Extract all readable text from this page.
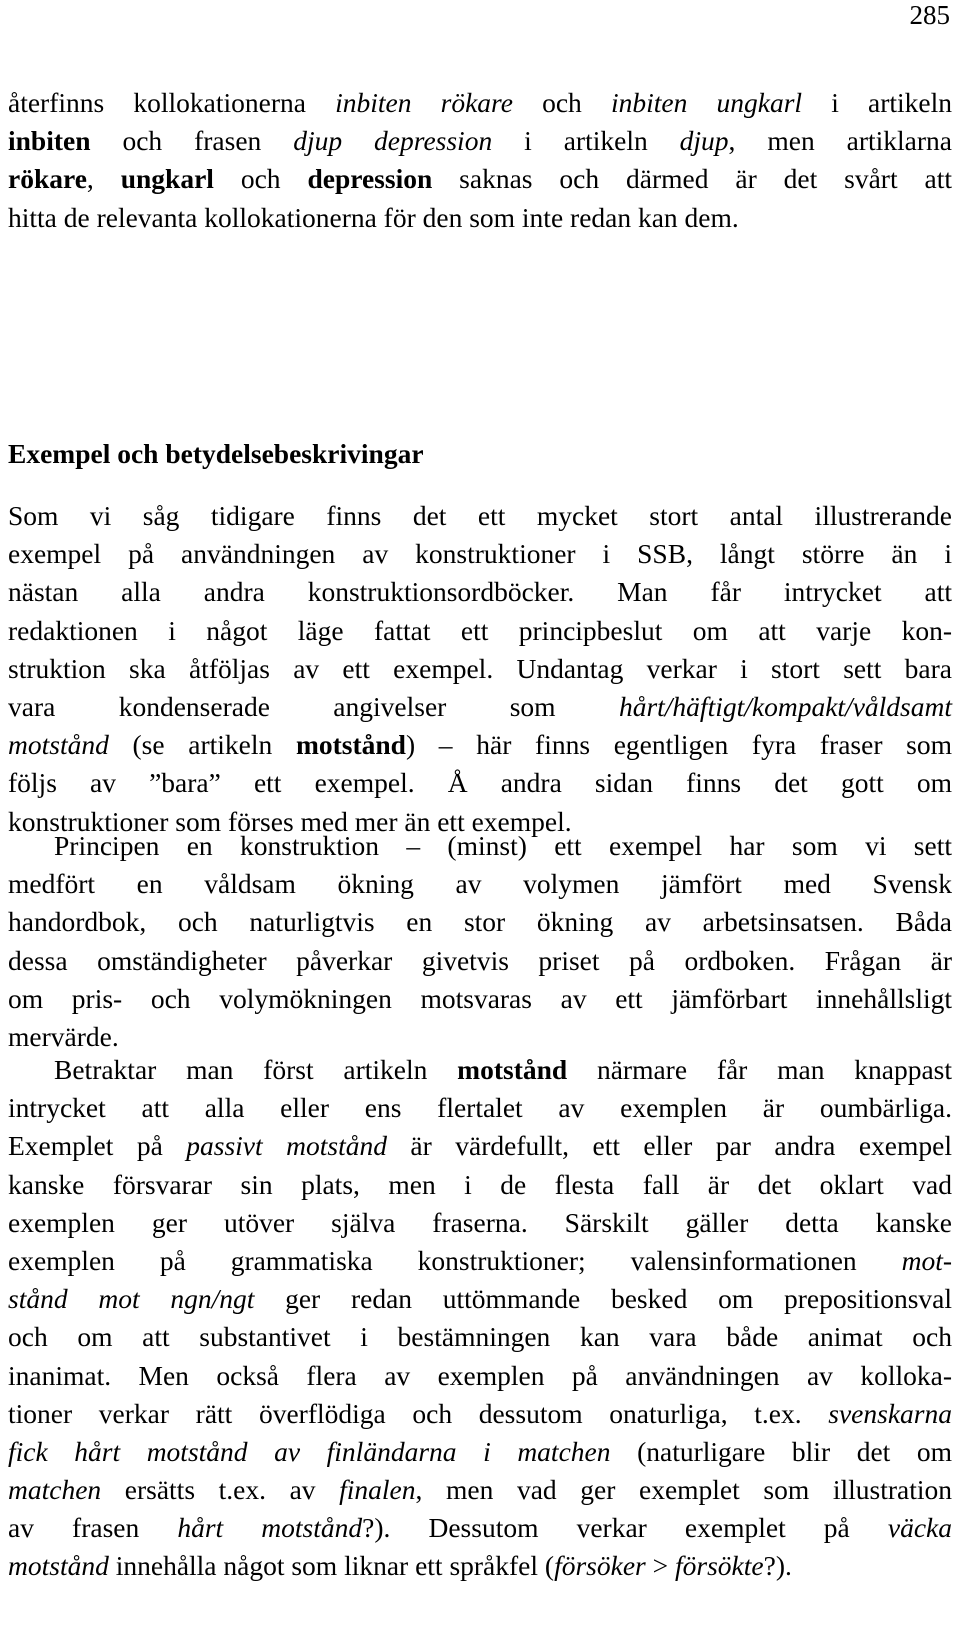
285
återfinns kollokationerna inbiten rökare och inbiten ungkarl i artikeln
inbiten och frasen djup depression i artikeln djup, men artiklarna
rökare, ungkarl och depression saknas och därmed är det svårt att
hitta de relevanta kollokationerna för den som inte redan kan dem.
Exempel och betydelsebeskrivingar
Som vi såg tidigare finns det ett mycket stort antal illustrerande
exempel på användningen av konstruktioner i SSB, långt större än i
nästan alla andra konstruktionsordböcker. Man får intrycket att
redaktionen i något läge fattat ett principbeslut om att varje kon-
struktion ska åtföljas av ett exempel. Undantag verkar i stort sett bara
vara kondenserade angivelser som hårt/häftigt/kompakt/våldsamt
motstånd (se artikeln motstånd) – här finns egentligen fyra fraser som
följs av ”bara” ett exempel. Å andra sidan finns det gott om
konstruktioner som förses med mer än ett exempel.
Principen en konstruktion – (minst) ett exempel har som vi sett
medfört en våldsam ökning av volymen jämfört med Svensk
handordbok, och naturligtvis en stor ökning av arbetsinsatsen. Båda
dessa omständigheter påverkar givetvis priset på ordboken. Frågan är
om pris- och volymökningen motsvaras av ett jämförbart innehållsligt
mervärde.
Betraktar man först artikeln motstånd närmare får man knappast
intrycket att alla eller ens flertalet av exemplen är oumbärliga.
Exemplet på passivt motstånd är värdefullt, ett eller par andra exempel
kanske försvarar sin plats, men i de flesta fall är det oklart vad
exemplen ger utöver själva fraserna. Särskilt gäller detta kanske
exemplen på grammatiska konstruktioner; valensinformationen mot-
stånd mot ngn/ngt ger redan uttömmande besked om prepositionsval
och om att substantivet i bestämningen kan vara både animat och
inanimat. Men också flera av exemplen på användningen av kolloka-
tioner verkar rätt överflödiga och dessutom onaturliga, t.ex. svenskarna
fick hårt motstånd av finländarna i matchen (naturligare blir det om
matchen ersätts t.ex. av finalen, men vad ger exemplet som illustration
av frasen hårt motstånd?). Dessutom verkar exemplet på väcka
motstånd innehålla något som liknar ett språkfel (försöker > försökte?).
